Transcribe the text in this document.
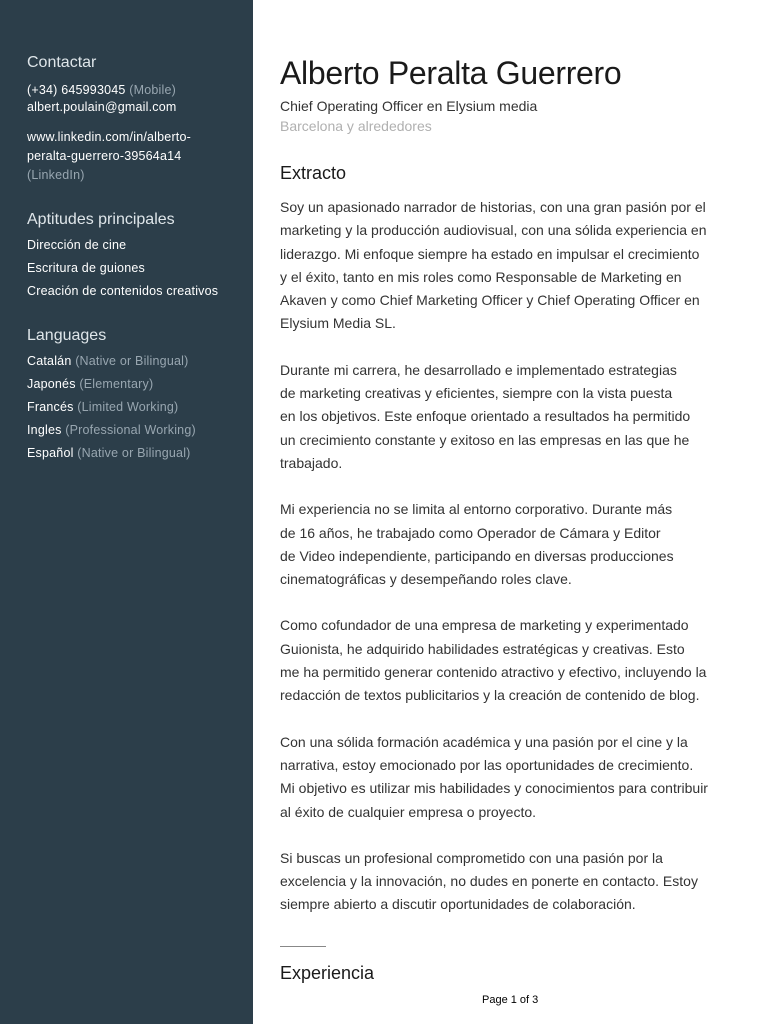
Contactar
(+34) 645993045 (Mobile)
albert.poulain@gmail.com
www.linkedin.com/in/alberto-
peralta-guerrero-39564a14
(LinkedIn)
Aptitudes principales
Dirección de cine
Escritura de guiones
Creación de contenidos creativos
Languages
Catalán (Native or Bilingual)
Japonés (Elementary)
Francés (Limited Working)
Ingles (Professional Working)
Español (Native or Bilingual)
Alberto Peralta Guerrero
Chief Operating Officer en Elysium media
Barcelona y alrededores
Extracto
Soy un apasionado narrador de historias, con una gran pasión por el
marketing y la producción audiovisual, con una sólida experiencia en
liderazgo. Mi enfoque siempre ha estado en impulsar el crecimiento
y el éxito, tanto en mis roles como Responsable de Marketing en
Akaven y como Chief Marketing Officer y Chief Operating Officer en
Elysium Media SL.
Durante mi carrera, he desarrollado e implementado estrategias
de marketing creativas y eficientes, siempre con la vista puesta
en los objetivos. Este enfoque orientado a resultados ha permitido
un crecimiento constante y exitoso en las empresas en las que he
trabajado.
Mi experiencia no se limita al entorno corporativo. Durante más
de 16 años, he trabajado como Operador de Cámara y Editor
de Video independiente, participando en diversas producciones
cinematográficas y desempeñando roles clave.
Como cofundador de una empresa de marketing y experimentado
Guionista, he adquirido habilidades estratégicas y creativas. Esto
me ha permitido generar contenido atractivo y efectivo, incluyendo la
redacción de textos publicitarios y la creación de contenido de blog.
Con una sólida formación académica y una pasión por el cine y la
narrativa, estoy emocionado por las oportunidades de crecimiento.
Mi objetivo es utilizar mis habilidades y conocimientos para contribuir
al éxito de cualquier empresa o proyecto.
Si buscas un profesional comprometido con una pasión por la
excelencia y la innovación, no dudes en ponerte en contacto. Estoy
siempre abierto a discutir oportunidades de colaboración.
Experiencia
Page 1 of 3
